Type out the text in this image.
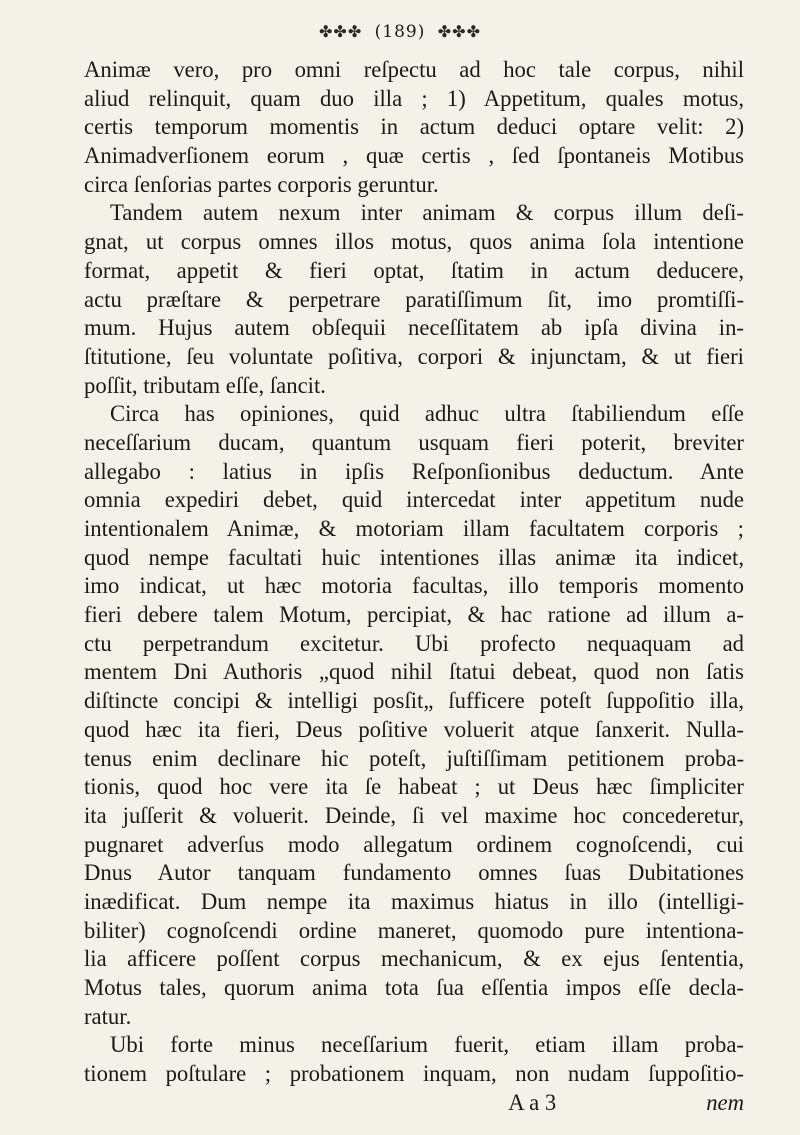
✤✤✤ (189) ✤✤✤
Animæ vero, pro omni reſpectu ad hoc tale corpus, nihil
aliud relinquit, quam duo illa ; 1) Appetitum, quales motus,
certis temporum momentis in actum deduci optare velit: 2)
Animadverſionem eorum , quæ certis , ſed ſpontaneis Motibus
circa ſenſorias partes corporis geruntur.
Tandem autem nexum inter animam & corpus illum deſi-
gnat, ut corpus omnes illos motus, quos anima ſola intentione
format, appetit & fieri optat, ſtatim in actum deducere,
actu præſtare & perpetrare paratiſſimum ſit, imo promtiſſi-
mum. Hujus autem obſequii neceſſitatem ab ipſa divina in-
ſtitutione, ſeu voluntate poſitiva, corpori & injunctam, & ut fieri
poſſit, tributam eſſe, ſancit.
Circa has opiniones, quid adhuc ultra ſtabiliendum eſſe
neceſſarium ducam, quantum usquam fieri poterit, breviter
allegabo : latius in ipſis Reſponſionibus deductum. Ante
omnia expediri debet, quid intercedat inter appetitum nude
intentionalem Animæ, & motoriam illam facultatem corporis ;
quod nempe facultati huic intentiones illas animæ ita indicet,
imo indicat, ut hæc motoria facultas, illo temporis momento
fieri debere talem Motum, percipiat, & hac ratione ad illum a-
ctu perpetrandum excitetur. Ubi profecto nequaquam ad
mentem Dni Authoris „quod nihil ſtatui debeat, quod non ſatis
diſtincte concipi & intelligi posſit„ ſufficere poteſt ſuppoſitio illa,
quod hæc ita fieri, Deus poſitive voluerit atque ſanxerit. Nulla-
tenus enim declinare hic poteſt, juſtiſſimam petitionem proba-
tionis, quod hoc vere ita ſe habeat ; ut Deus hæc ſimpliciter
ita juſſerit & voluerit. Deinde, ſi vel maxime hoc concederetur,
pugnaret adverſus modo allegatum ordinem cognoſcendi, cui
Dnus Autor tanquam fundamento omnes ſuas Dubitationes
inædificat. Dum nempe ita maximus hiatus in illo (intelligi-
biliter) cognoſcendi ordine maneret, quomodo pure intentiona-
lia afficere poſſent corpus mechanicum, & ex ejus ſententia,
Motus tales, quorum anima tota ſua eſſentia impos eſſe decla-
ratur.
Ubi forte minus neceſſarium fuerit, etiam illam proba-
tionem poſtulare ; probationem inquam, non nudam ſuppoſitio-
A a 3	nem
